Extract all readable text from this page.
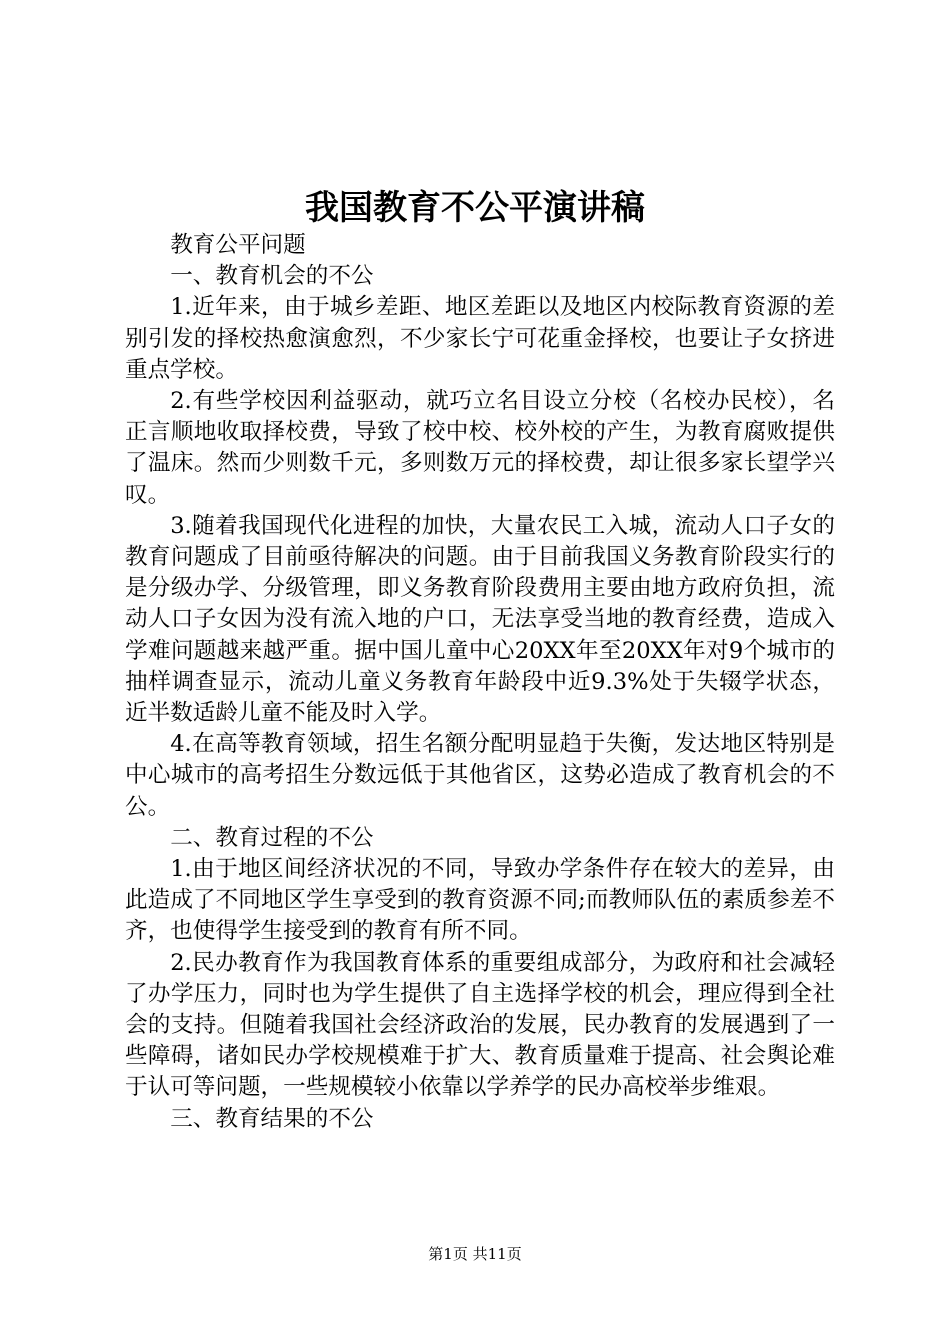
我国教育不公平演讲稿

教育公平问题

一、教育机会的不公

1.近年来，由于城乡差距、地区差距以及地区内校际教育资源的差别引发的择校热愈演愈烈，不少家长宁可花重金择校，也要让子女挤进重点学校。

2.有些学校因利益驱动，就巧立名目设立分校（名校办民校），名正言顺地收取择校费，导致了校中校、校外校的产生，为教育腐败提供了温床。然而少则数千元，多则数万元的择校费，却让很多家长望学兴叹。

3.随着我国现代化进程的加快，大量农民工入城，流动人口子女的教育问题成了目前亟待解决的问题。由于目前我国义务教育阶段实行的是分级办学、分级管理，即义务教育阶段费用主要由地方政府负担，流动人口子女因为没有流入地的户口，无法享受当地的教育经费，造成入学难问题越来越严重。据中国儿童中心20XX年至20XX年对9个城市的抽样调查显示，流动儿童义务教育年龄段中近9.3%处于失辍学状态，近半数适龄儿童不能及时入学。

4.在高等教育领域，招生名额分配明显趋于失衡，发达地区特别是中心城市的高考招生分数远低于其他省区，这势必造成了教育机会的不公。

二、教育过程的不公

1.由于地区间经济状况的不同，导致办学条件存在较大的差异，由此造成了不同地区学生享受到的教育资源不同;而教师队伍的素质参差不齐，也使得学生接受到的教育有所不同。

2.民办教育作为我国教育体系的重要组成部分，为政府和社会减轻了办学压力，同时也为学生提供了自主选择学校的机会，理应得到全社会的支持。但随着我国社会经济政治的发展，民办教育的发展遇到了一些障碍，诸如民办学校规模难于扩大、教育质量难于提高、社会舆论难于认可等问题，一些规模较小依靠以学养学的民办高校举步维艰。

三、教育结果的不公

第1页 共11页
